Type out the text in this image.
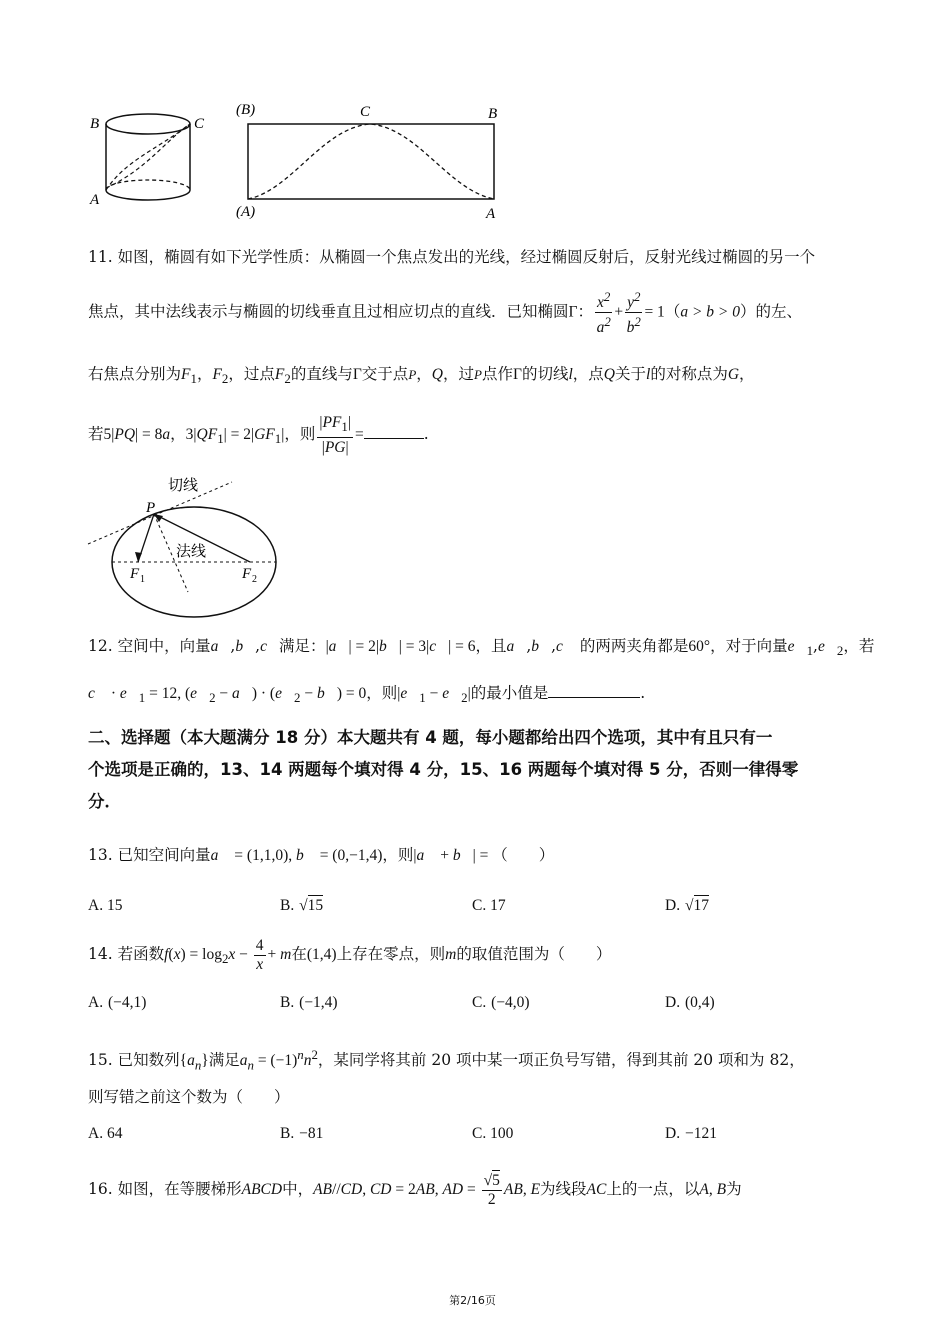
B	C
A
(B)	C	B
(A)	A
11. 如图，椭圆有如下光学性质：从椭圆一个焦点发出的光线，经过椭圆反射后，反射光线过椭圆的另一个
焦点，其中法线表示与椭圆的切线垂直且过相应切点的直线．已知椭圆Γ： $\frac{x^2}{a^2} + \frac{y^2}{b^2} = 1(a > b > 0)$的左、
右焦点分别为$F_1$，$F_2$，过点$F_2$的直线与Γ交于点P，Q，过P点作Γ的切线l，点Q关于l的对称点为G，
若5|PQ| = 8a，$3|QF_1| = 2|GF_1|$，则 $\frac{|PF_1|}{|PG|}$ =	.
切线
P
法线
F 1	F 2
12. 空间中，向量a⃗,b⃗,c⃗满足：|a⃗| = 2|b⃗| = 3|c⃗| = 6，且a⃗,b⃗,c⃗ 的两两夹角都是60°，对于向量$e⃗_1,e⃗_2$，若
c⃗ · $e⃗_1 = 12$, ($e⃗_2$ − a⃗) · ($e⃗_2$ − b⃗) = 0，则$|e⃗_1$ − $e⃗_2|$的最小值是	.
二、选择题（本大题满分 18 分）本大题共有 4 题，每小题都给出四个选项，其中有且只有一
个选项是正确的，13、14 两题每个填对得 4 分，15、16 两题每个填对得 5 分，否则一律得零
分．
13. 已知空间向量a⃗ = (1,1,0), b⃗ = (0,−1,4)，则|a⃗ + b⃗| = （　　）
A. 15	B. √15	C. 17	D. √17
14. 若函数$f(x) = \log_2x - \frac{4}{x} + m$在(1,4)上存在零点，则m的取值范围为（　　）
A. (−4,1)	B. (−1,4)	C. (−4,0)	D. (0,4)
15. 已知数列$\{a_n\}$满足$a_n = (-1)^nn^2$，某同学将其前 20 项中某一项正负号写错，得到其前 20 项和为 82，
则写错之前这个数为（　　）
A. 64	B. −81	C. 100	D. −121
16. 如图，在等腰梯形ABCD中，AB//CD, CD = 2AB, AD = $\frac{√5}{2}$ AB, E为线段AC上的一点，以A, B为
第2/16页
